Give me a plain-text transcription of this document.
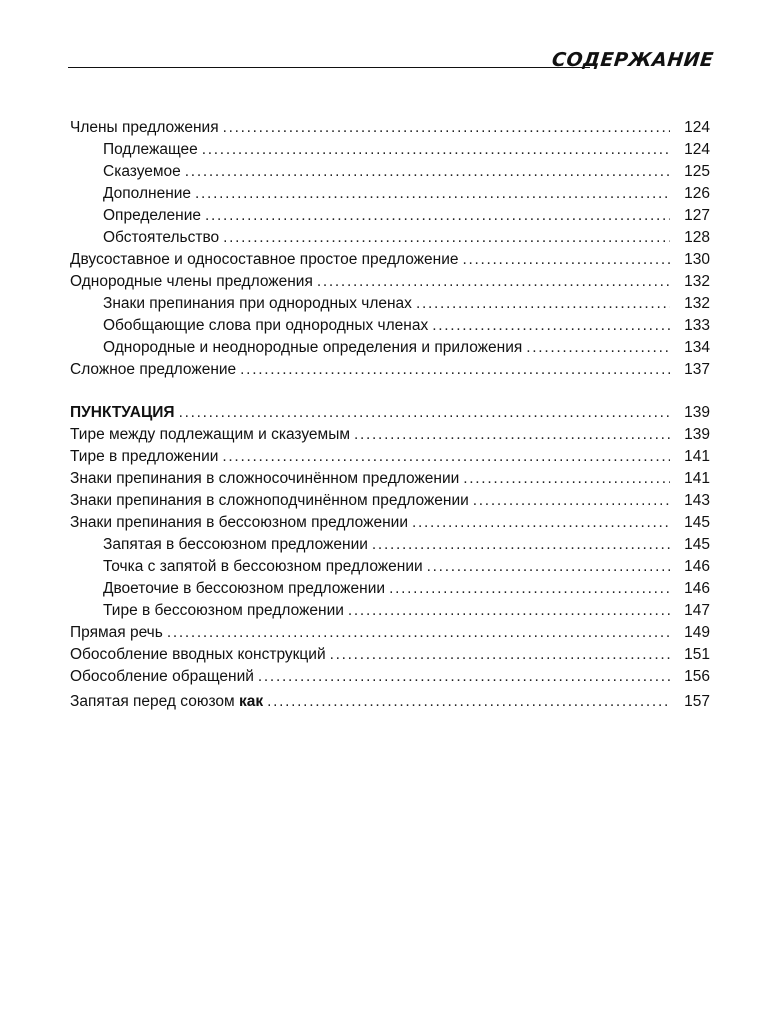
СОДЕРЖАНИЕ
Члены предложения . . .	124
Подлежащее . . .	124
Сказуемое . . .	125
Дополнение . . .	126
Определение . . .	127
Обстоятельство . . .	128
Двусоставное и односоставное простое предложение . . .	130
Однородные члены предложения . . .	132
Знаки препинания при однородных членах . . .	132
Обобщающие слова при однородных членах . . .	133
Однородные и неоднородные определения и приложения . . .	134
Сложное предложение . . .	137
ПУНКТУАЦИЯ . . .	139
Тире между подлежащим и сказуемым . . .	139
Тире в предложении . . .	141
Знаки препинания в сложносочинённом предложении . . .	141
Знаки препинания в сложноподчинённом предложении . . .	143
Знаки препинания в бессоюзном предложении . . .	145
Запятая в бессоюзном предложении . . .	145
Точка с запятой в бессоюзном предложении . . .	146
Двоеточие в бессоюзном предложении . . .	146
Тире в бессоюзном предложении . . .	147
Прямая речь . . .	149
Обособление вводных конструкций . . .	151
Обособление обращений . . .	156
Запятая перед союзом как . . .	157
